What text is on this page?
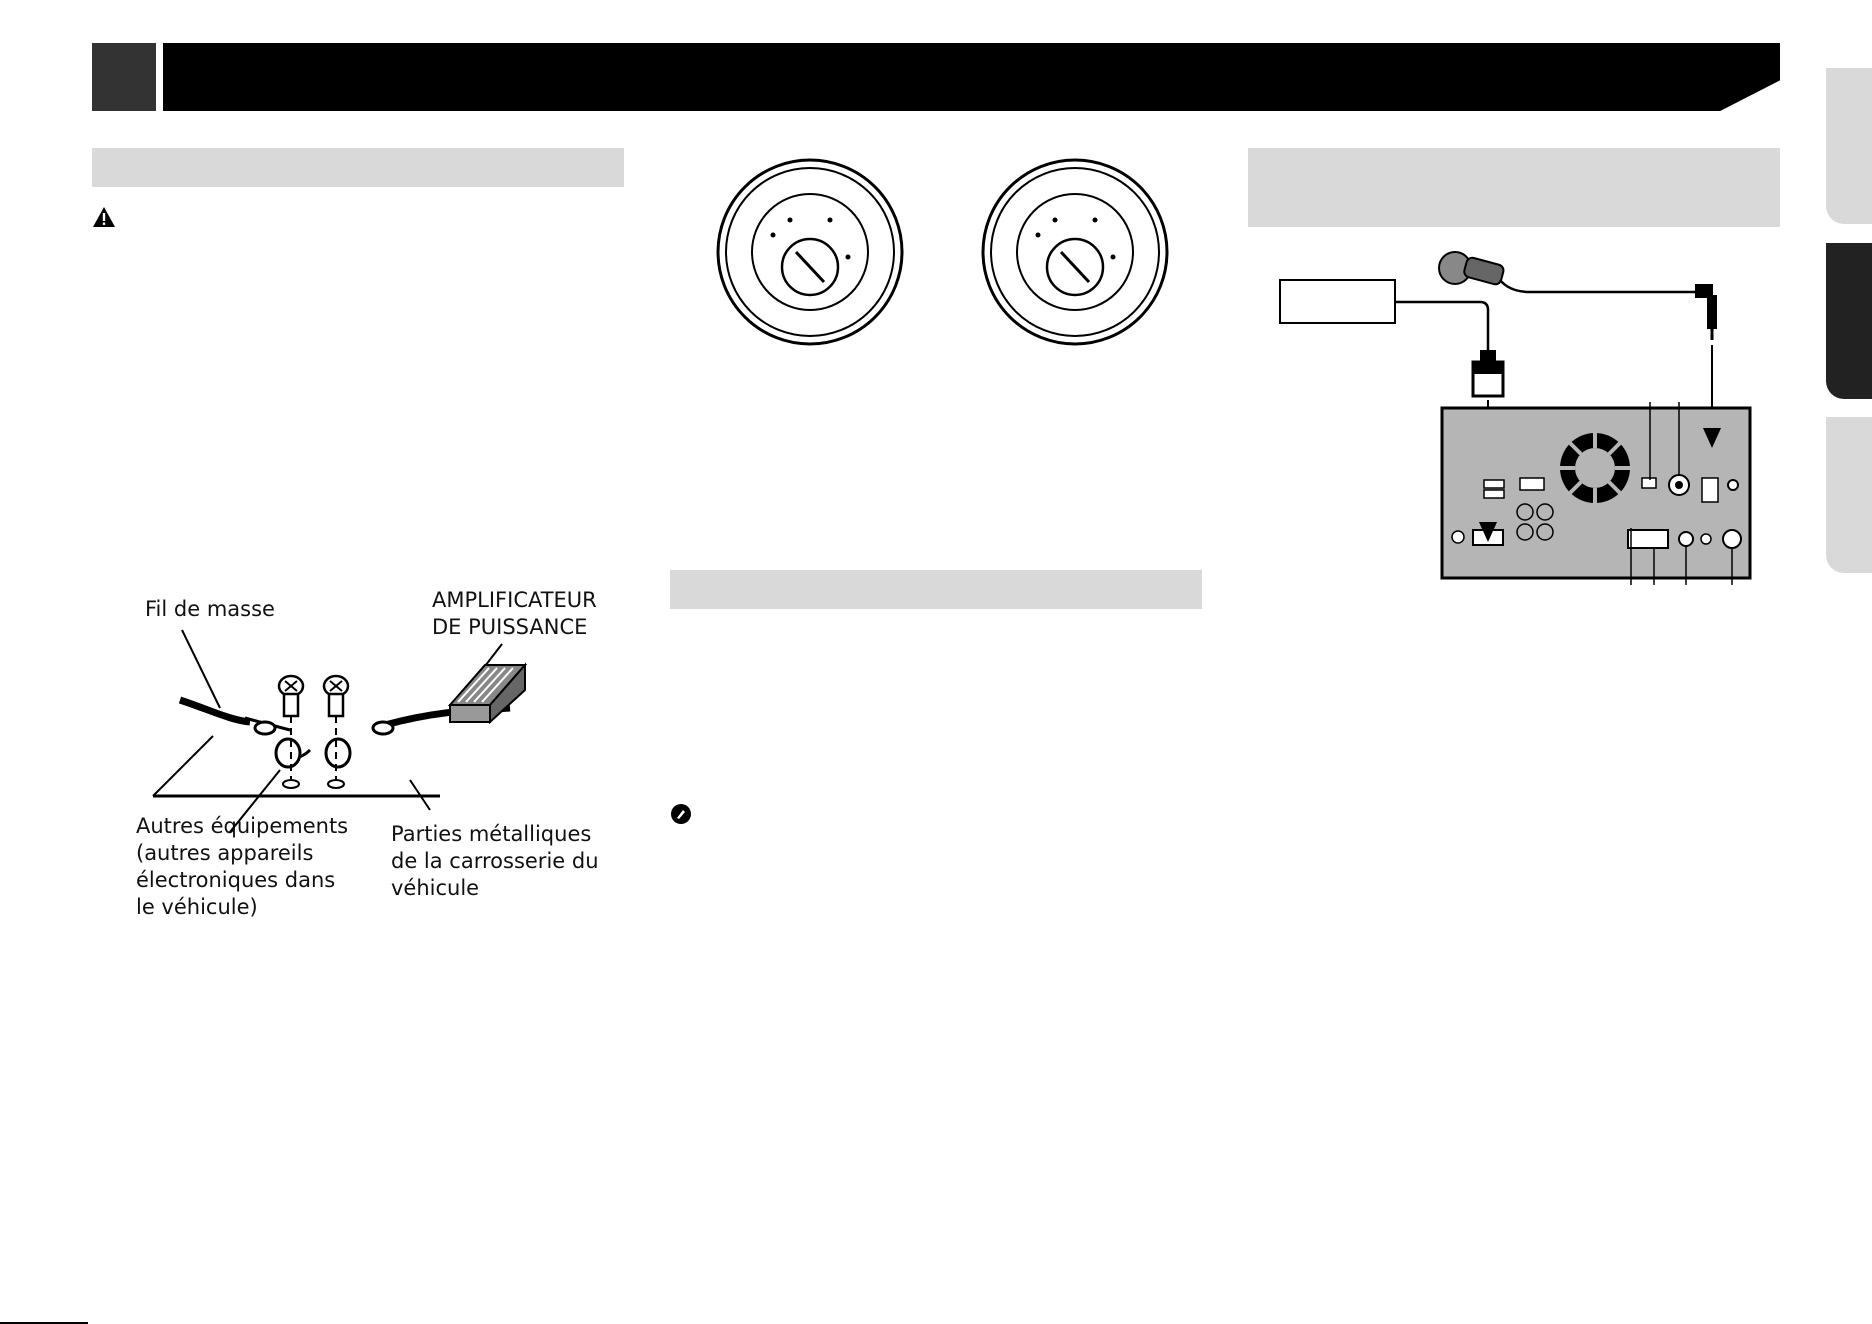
Fil de masse	AMPLIFICATEUR
DE PUISSANCE
Autres équipements
(autres appareils
électroniques dans
le véhicule)
Parties métalliques
de la carrosserie du
véhicule
